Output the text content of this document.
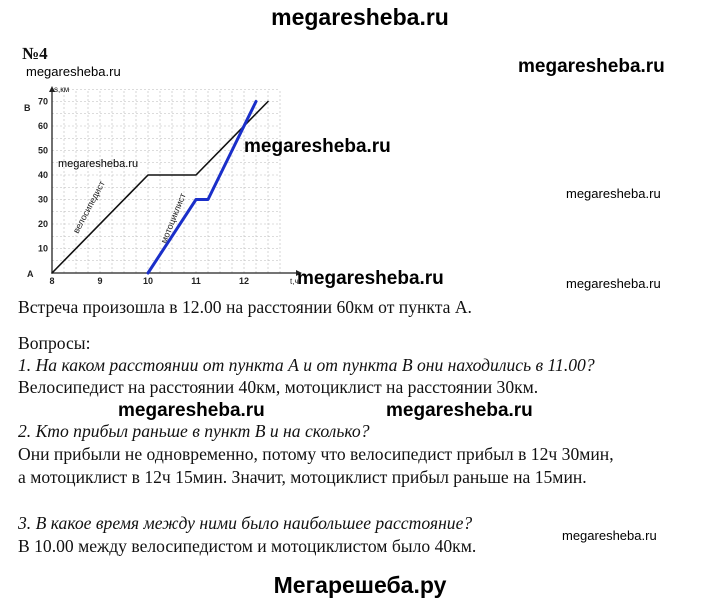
megaresheba.ru
№4
megaresheba.ru	megaresheba.ru
s,км
t,ч
A
B
8	9	10	11	12
10
20
30
40
50
60
70
велосипедист	мотоциклист
megaresheba.ru
megaresheba.ru
megaresheba.ru
megaresheba.ru	megaresheba.ru
Встреча произошла в 12.00 на расстоянии 60км от пункта А.
Вопросы:
1. На каком расстоянии от пункта А и от пункта В они находились в 11.00?
Велосипедист на расстоянии 40км, мотоциклист на расстоянии 30км.
megaresheba.ru	megaresheba.ru
2. Кто прибыл раньше в пункт В и на сколько?
Они прибыли не одновременно, потому что велосипедист прибыл в 12ч 30мин,
а мотоциклист в 12ч 15мин. Значит, мотоциклист прибыл раньше на 15мин.
3. В какое время между ними было наибольшее расстояние?
В 10.00 между велосипедистом и мотоциклистом было 40км.
megaresheba.ru
Мегарешеба.ру
